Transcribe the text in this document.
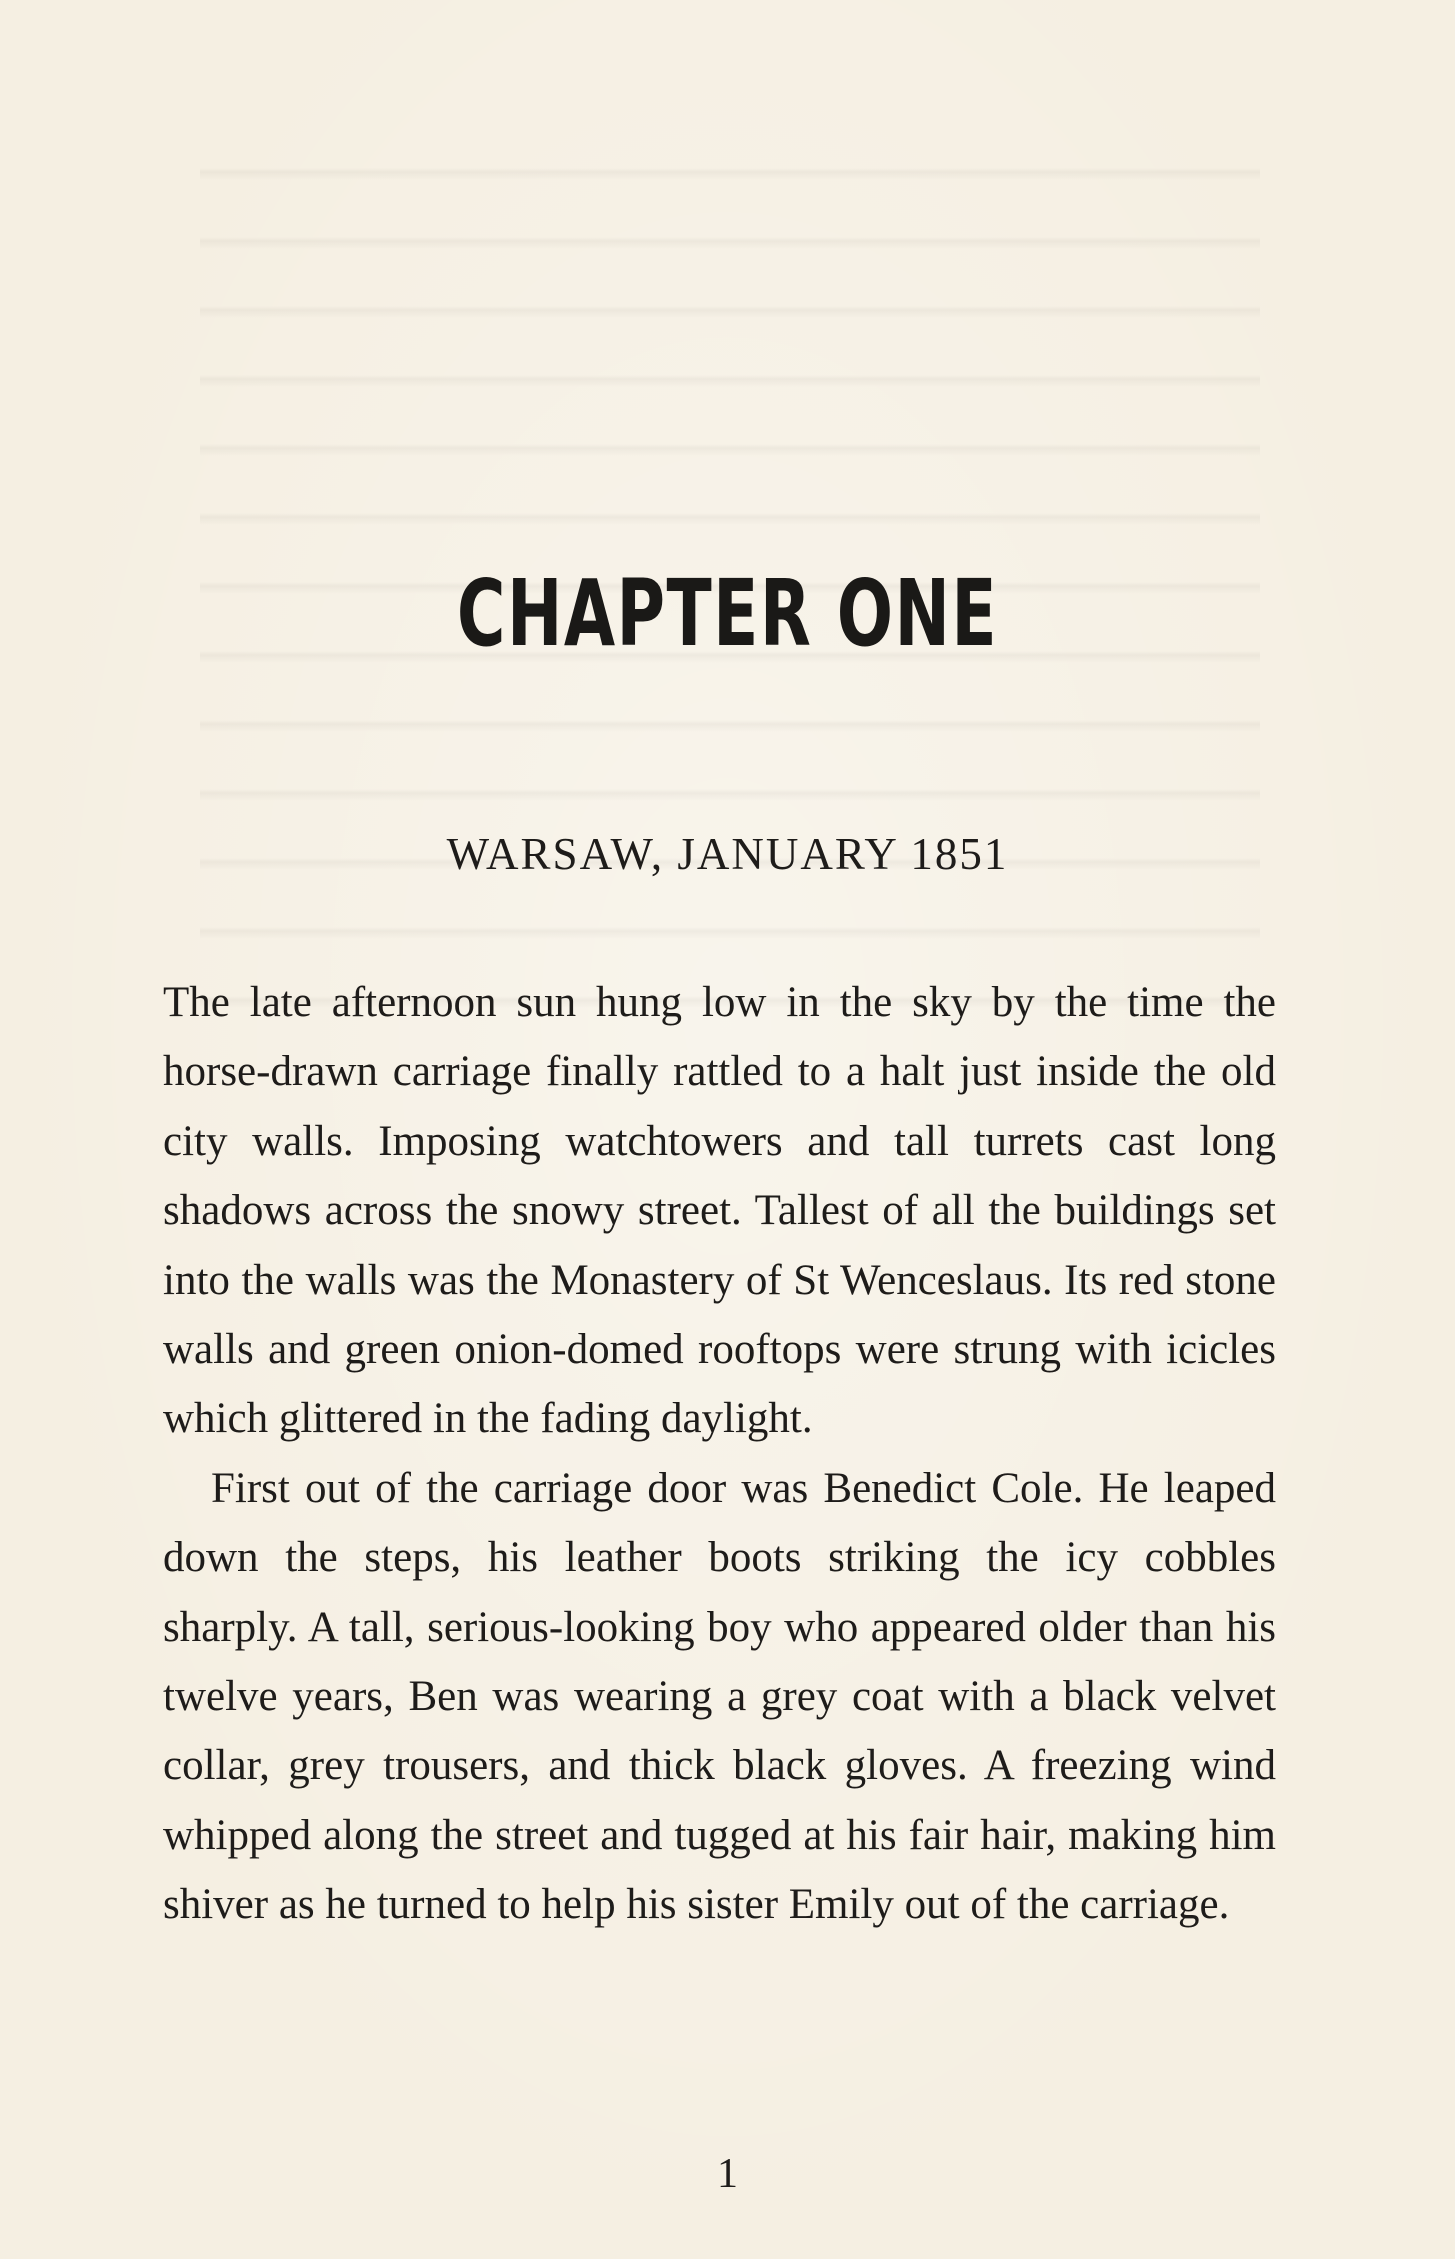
CHAPTER ONE
WARSAW, JANUARY 1851

The late afternoon sun hung low in the sky by the time the horse-drawn carriage finally rattled to a halt just inside the old city walls. Imposing watchtowers and tall turrets cast long shadows across the snowy street. Tallest of all the buildings set into the walls was the Monastery of St Wenceslaus. Its red stone walls and green onion-domed rooftops were strung with icicles which glittered in the fading daylight.

First out of the carriage door was Benedict Cole. He leaped down the steps, his leather boots striking the icy cobbles sharply. A tall, serious-looking boy who appeared older than his twelve years, Ben was wearing a grey coat with a black velvet collar, grey trousers, and thick black gloves. A freezing wind whipped along the street and tugged at his fair hair, making him shiver as he turned to help his sister Emily out of the carriage.

1
